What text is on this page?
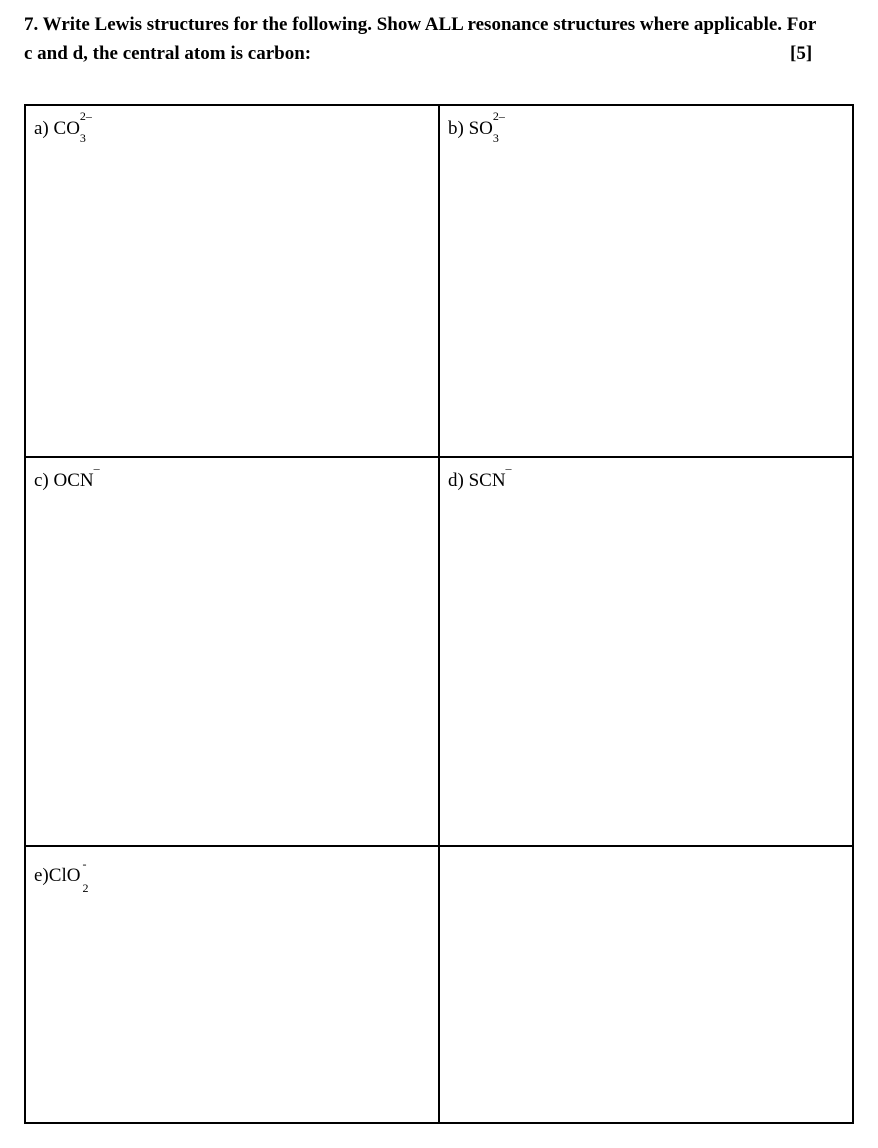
7. Write Lewis structures for the following. Show ALL resonance structures where applicable. For c and d, the central atom is carbon:	[5]
a) CO
2–
3	b) SO
2–
3
c) OCN
–
d) SCN
–
e)ClO
-
2
